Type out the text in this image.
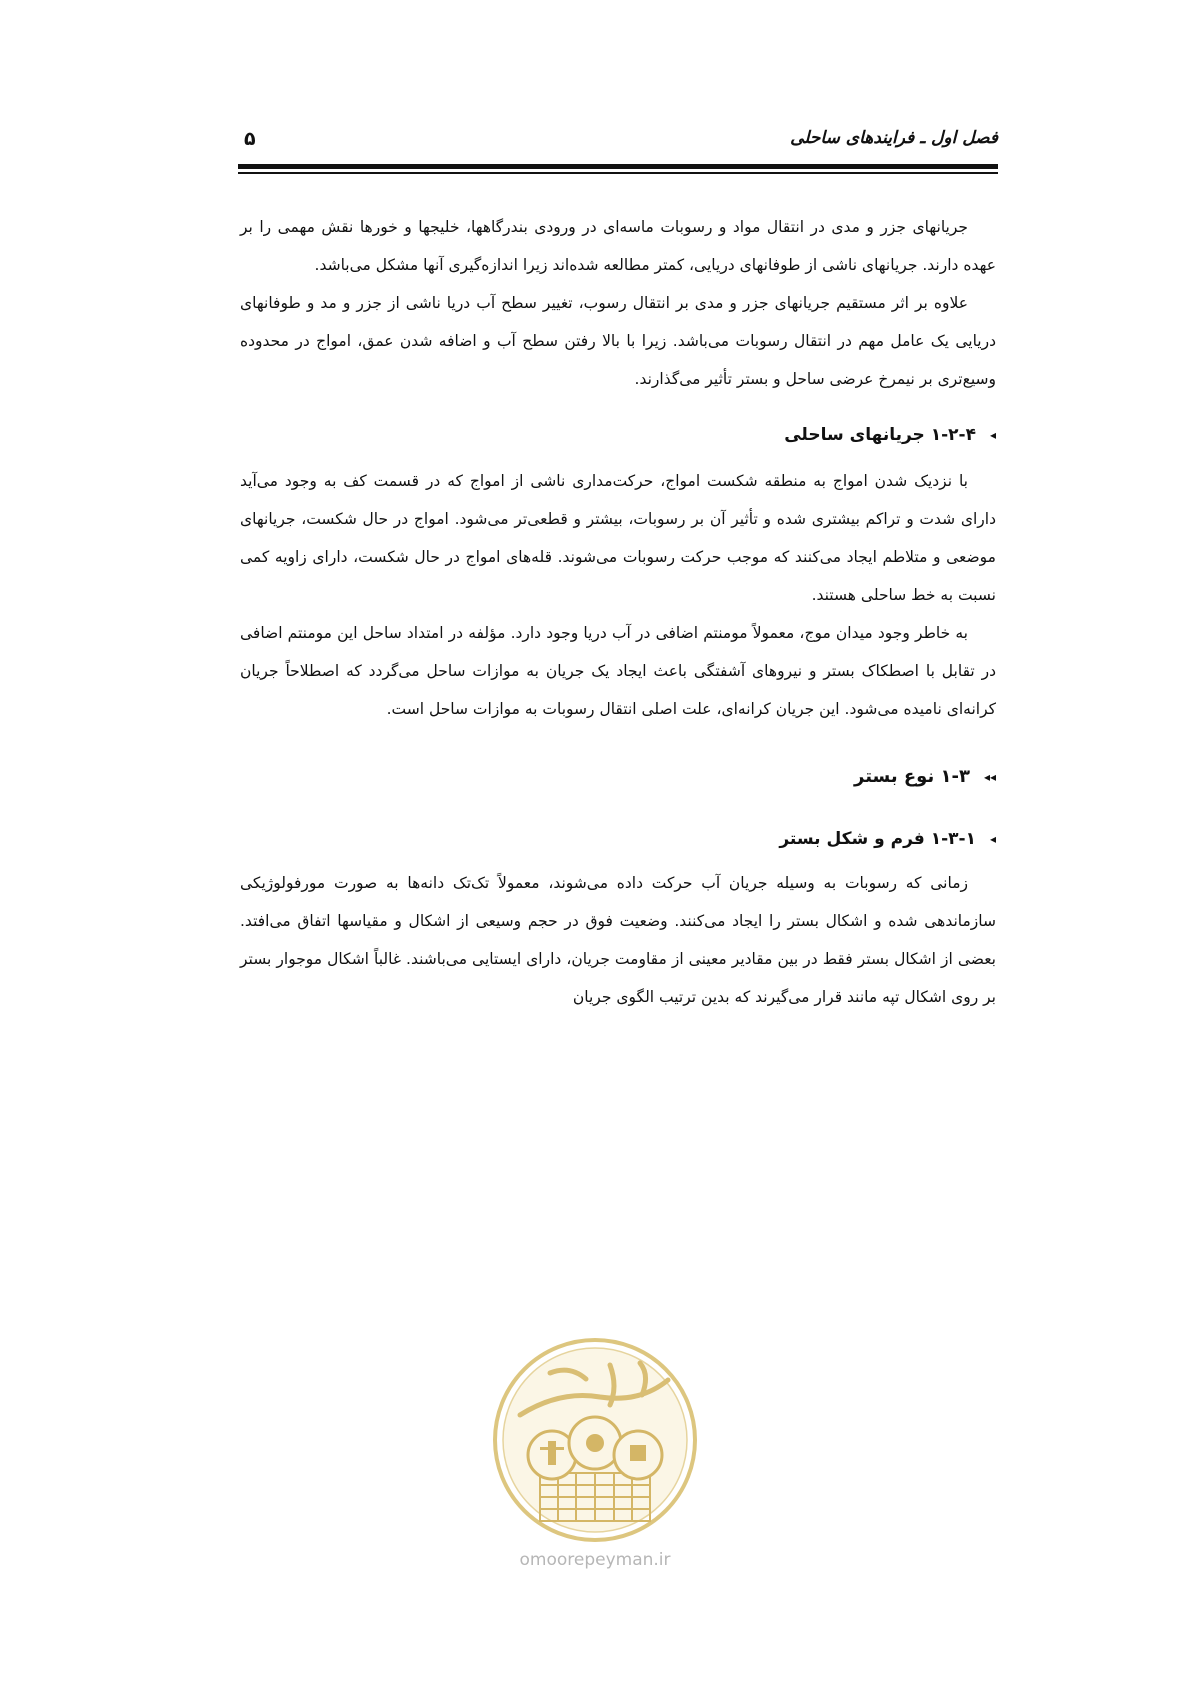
فصل اول ـ فرایندهای ساحلی
۵

جریانهای جزر و مدی در انتقال مواد و رسوبات ماسه‌ای در ورودی بندرگاهها، خلیجها و خورها نقش مهمی را بر عهده دارند. جریانهای ناشی از طوفانهای دریایی، کمتر مطالعه شده‌اند زیرا اندازه‌گیری آنها مشکل می‌باشد.

علاوه بر اثر مستقیم جریانهای جزر و مدی بر انتقال رسوب، تغییر سطح آب دریا ناشی از جزر و مد و طوفانهای دریایی یک عامل مهم در انتقال رسوبات می‌باشد. زیرا با بالا رفتن سطح آب و اضافه شدن عمق، امواج در محدوده وسیع‌تری بر نیمرخ عرضی ساحل و بستر تأثیر می‌گذارند.

◂۱-۲-۴ جریانهای ساحلی

با نزدیک شدن امواج به منطقه شکست امواج، حرکت‌مداری ناشی از امواج که در قسمت کف به وجود می‌آید دارای شدت و تراکم بیشتری شده و تأثیر آن بر رسوبات، بیشتر و قطعی‌تر می‌شود. امواج در حال شکست، جریانهای موضعی و متلاطم ایجاد می‌کنند که موجب حرکت رسوبات می‌شوند. قله‌های امواج در حال شکست، دارای زاویه کمی نسبت به خط ساحلی هستند.

به خاطر وجود میدان موج، معمولاً مومنتم اضافی در آب دریا وجود دارد. مؤلفه در امتداد ساحل این مومنتم اضافی در تقابل با اصطکاک بستر و نیروهای آشفتگی باعث ایجاد یک جریان به موازات ساحل می‌گردد که اصطلاحاً جریان کرانه‌ای نامیده می‌شود. این جریان کرانه‌ای، علت اصلی انتقال رسوبات به موازات ساحل است.

◂◂۱-۳ نوع بستر
◂۱-۳-۱ فرم و شکل بستر

زمانی که رسوبات به وسیله جریان آب حرکت داده می‌شوند، معمولاً تک‌تک دانه‌ها به صورت مورفولوژیکی سازماندهی شده و اشکال بستر را ایجاد می‌کنند. وضعیت فوق در حجم وسیعی از اشکال و مقیاسها اتفاق می‌افتد. بعضی از اشکال بستر فقط در بین مقادیر معینی از مقاومت جریان، دارای ایستایی می‌باشند. غالباً اشکال موجوار بستر بر روی اشکال تپه مانند قرار می‌گیرند که بدین ترتیب الگوی جریان

omoorepeyman.ir
